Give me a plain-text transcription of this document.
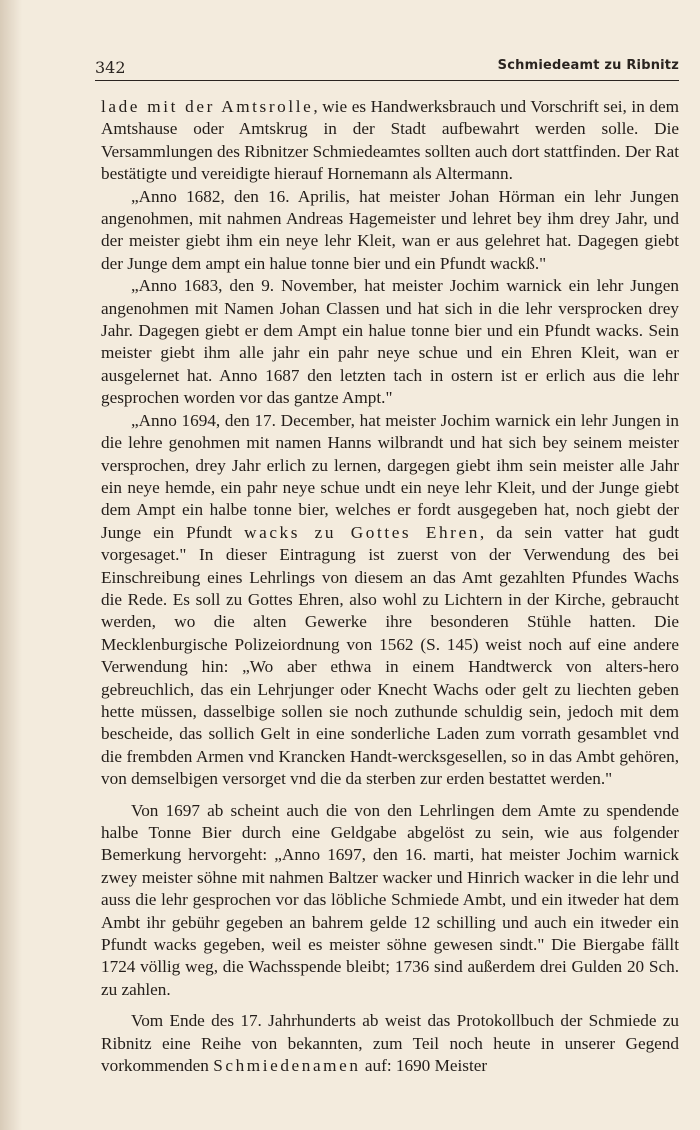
342	Schmiedeamt zu Ribnitz

lade mit der Amtsrolle, wie es Handwerksbrauch und Vorschrift sei, in dem Amtshause oder Amtskrug in der Stadt aufbewahrt werden solle. Die Versammlungen des Ribnitzer Schmiedeamtes sollten auch dort stattfinden. Der Rat bestätigte und vereidigte hierauf Hornemann als Altermann.

„Anno 1682, den 16. Aprilis, hat meister Johan Hörman ein lehr Jungen angenohmen, mit nahmen Andreas Hagemeister und lehret bey ihm drey Jahr, und der meister giebt ihm ein neye lehr Kleit, wan er aus gelehret hat. Dagegen giebt der Junge dem ampt ein halue tonne bier und ein Pfundt wackß."

„Anno 1683, den 9. November, hat meister Jochim warnick ein lehr Jungen angenohmen mit Namen Johan Classen und hat sich in die lehr versprocken drey Jahr. Dagegen giebt er dem Ampt ein halue tonne bier und ein Pfundt wacks. Sein meister giebt ihm alle jahr ein pahr neye schue und ein Ehren Kleit, wan er ausgelernet hat. Anno 1687 den letzten tach in ostern ist er erlich aus die lehr gesprochen worden vor das gantze Ampt."

„Anno 1694, den 17. December, hat meister Jochim warnick ein lehr Jungen in die lehre genohmen mit namen Hanns wilbrandt und hat sich bey seinem meister versprochen, drey Jahr erlich zu lernen, dargegen giebt ihm sein meister alle Jahr ein neye hemde, ein pahr neye schue undt ein neye lehr Kleit, und der Junge giebt dem Ampt ein halbe tonne bier, welches er fordt ausgegeben hat, noch giebt der Junge ein Pfundt wacks zu Gottes Ehren, da sein vatter hat gudt vorgesaget." In dieser Eintragung ist zuerst von der Verwendung des bei Einschreibung eines Lehrlings von diesem an das Amt gezahlten Pfundes Wachs die Rede. Es soll zu Gottes Ehren, also wohl zu Lichtern in der Kirche, gebraucht werden, wo die alten Gewerke ihre besonderen Stühle hatten. Die Mecklenburgische Polizeiordnung von 1562 (S. 145) weist noch auf eine andere Verwendung hin: „Wo aber ethwa in einem Handtwerck von alters-hero gebreuchlich, das ein Lehrjunger oder Knecht Wachs oder gelt zu liechten geben hette müssen, dasselbige sollen sie noch zuthunde schuldig sein, jedoch mit dem bescheide, das sollich Gelt in eine sonderliche Laden zum vorrath gesamblet vnd die frembden Armen vnd Krancken Handt-wercksgesellen, so in das Ambt gehören, von demselbigen versorget vnd die da sterben zur erden bestattet werden."

Von 1697 ab scheint auch die von den Lehrlingen dem Amte zu spendende halbe Tonne Bier durch eine Geldgabe abgelöst zu sein, wie aus folgender Bemerkung hervorgeht: „Anno 1697, den 16. marti, hat meister Jochim warnick zwey meister söhne mit nahmen Baltzer wacker und Hinrich wacker in die lehr und auss die lehr gesprochen vor das löbliche Schmiede Ambt, und ein itweder hat dem Ambt ihr gebühr gegeben an bahrem gelde 12 schilling und auch ein itweder ein Pfundt wacks gegeben, weil es meister söhne gewesen sindt." Die Biergabe fällt 1724 völlig weg, die Wachsspende bleibt; 1736 sind außerdem drei Gulden 20 Sch. zu zahlen.

Vom Ende des 17. Jahrhunderts ab weist das Protokollbuch der Schmiede zu Ribnitz eine Reihe von bekannten, zum Teil noch heute in unserer Gegend vorkommenden Schmiedenamen auf: 1690 Meister
